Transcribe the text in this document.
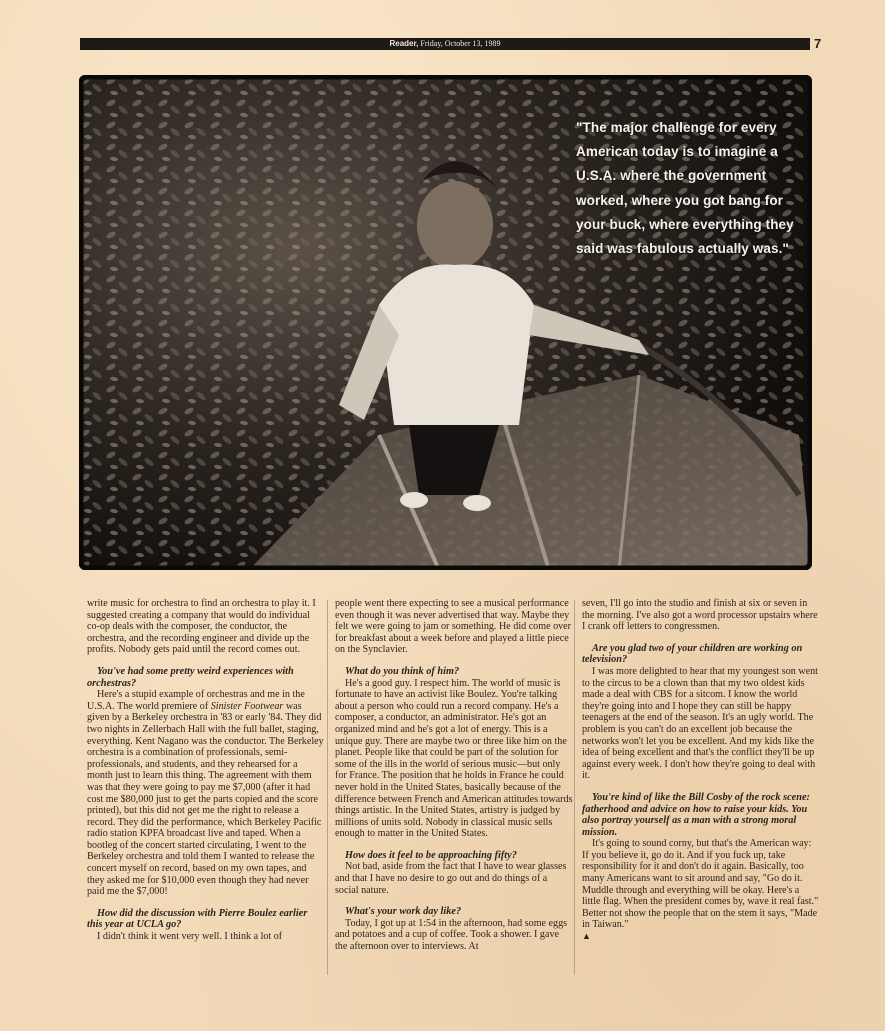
Reader, Friday, October 13, 1989	7
"The major challenge for every American today is to imagine a U.S.A. where the government worked, where you got bang for your buck, where everything they said was fabulous actually was."

write music for orchestra to find an orchestra to play it. I suggested creating a company that would do individual co-op deals with the composer, the conductor, the orchestra, and the recording engineer and divide up the profits. Nobody gets paid until the record comes out.

You've had some pretty weird experiences with orchestras?

Here's a stupid example of orchestras and me in the U.S.A. The world premiere of Sinister Footwear was given by a Berkeley orchestra in '83 or early '84. They did two nights in Zellerbach Hall with the full ballet, staging, everything. Kent Nagano was the conductor. The Berkeley orchestra is a combination of professionals, semi-professionals, and students, and they rehearsed for a month just to learn this thing. The agreement with them was that they were going to pay me $7,000 (after it had cost me $80,000 just to get the parts copied and the score printed), but this did not get me the right to release a record. They did the performance, which Berkeley Pacific radio station KPFA broadcast live and taped. When a bootleg of the concert started circulating, I went to the Berkeley orchestra and told them I wanted to release the concert myself on record, based on my own tapes, and they asked me for $10,000 even though they had never paid me the $7,000!

How did the discussion with Pierre Boulez earlier this year at UCLA go?

I didn't think it went very well. I think a lot of

people went there expecting to see a musical performance even though it was never advertised that way. Maybe they felt we were going to jam or something. He did come over for breakfast about a week before and played a little piece on the Synclavier.

What do you think of him?

He's a good guy. I respect him. The world of music is fortunate to have an activist like Boulez. You're talking about a person who could run a record company. He's a composer, a conductor, an administrator. He's got an organized mind and he's got a lot of energy. This is a unique guy. There are maybe two or three like him on the planet. People like that could be part of the solution for some of the ills in the world of serious music—but only for France. The position that he holds in France he could never hold in the United States, basically because of the difference between French and American attitudes towards things artistic. In the United States, artistry is judged by millions of units sold. Nobody in classical music sells enough to matter in the United States.

How does it feel to be approaching fifty?

Not bad, aside from the fact that I have to wear glasses and that I have no desire to go out and do things of a social nature.

What's your work day like?

Today, I got up at 1:54 in the afternoon, had some eggs and potatoes and a cup of coffee. Took a shower. I gave the afternoon over to interviews. At

seven, I'll go into the studio and finish at six or seven in the morning. I've also got a word processor upstairs where I crank off letters to congressmen.

Are you glad two of your children are working on television?

I was more delighted to hear that my youngest son went to the circus to be a clown than that my two oldest kids made a deal with CBS for a sitcom. I know the world they're going into and I hope they can still be happy teenagers at the end of the season. It's an ugly world. The problem is you can't do an excellent job because the networks won't let you be excellent. And my kids like the idea of being excellent and that's the conflict they'll be up against every week. I don't how they're going to deal with it.

You're kind of like the Bill Cosby of the rock scene: fatherhood and advice on how to raise your kids. You also portray yourself as a man with a strong moral mission.

It's going to sound corny, but that's the American way: If you believe it, go do it. And if you fuck up, take responsibility for it and don't do it again. Basically, too many Americans want to sit around and say, "Go do it. Muddle through and everything will be okay. Here's a little flag. When the president comes by, wave it real fast." Better not show the people that on the stem it says, "Made in Taiwan."

▲
